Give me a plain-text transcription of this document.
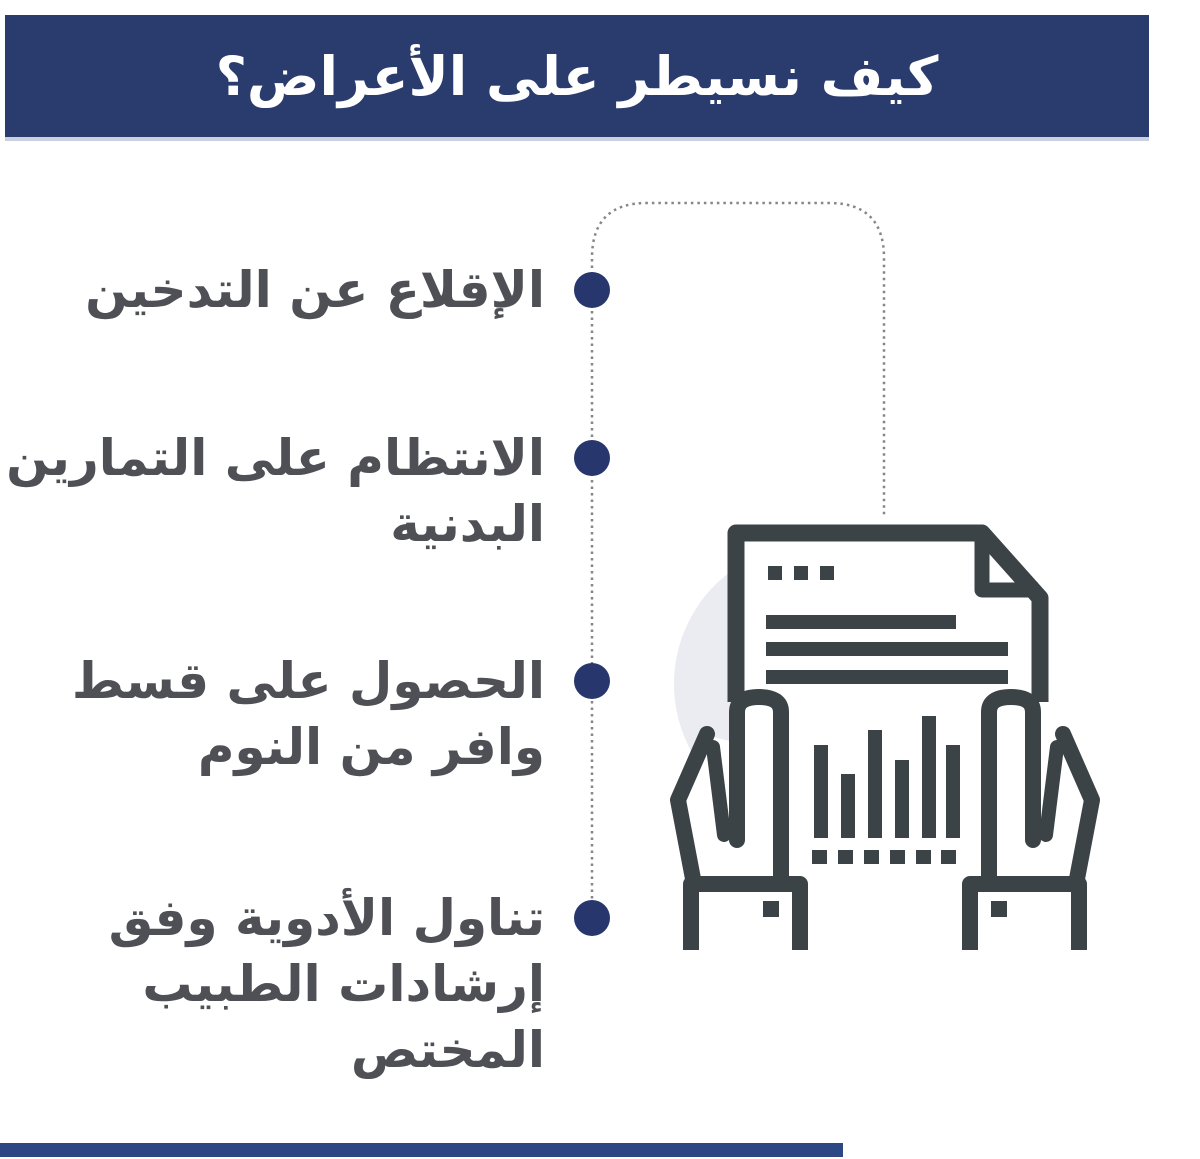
كيف نسيطر على الأعراض؟
الإقلاع عن التدخين
الانتظام على التمارين
البدنية
الحصول على قسط
وافر من النوم
تناول الأدوية وفق
إرشادات الطبيب
المختص
